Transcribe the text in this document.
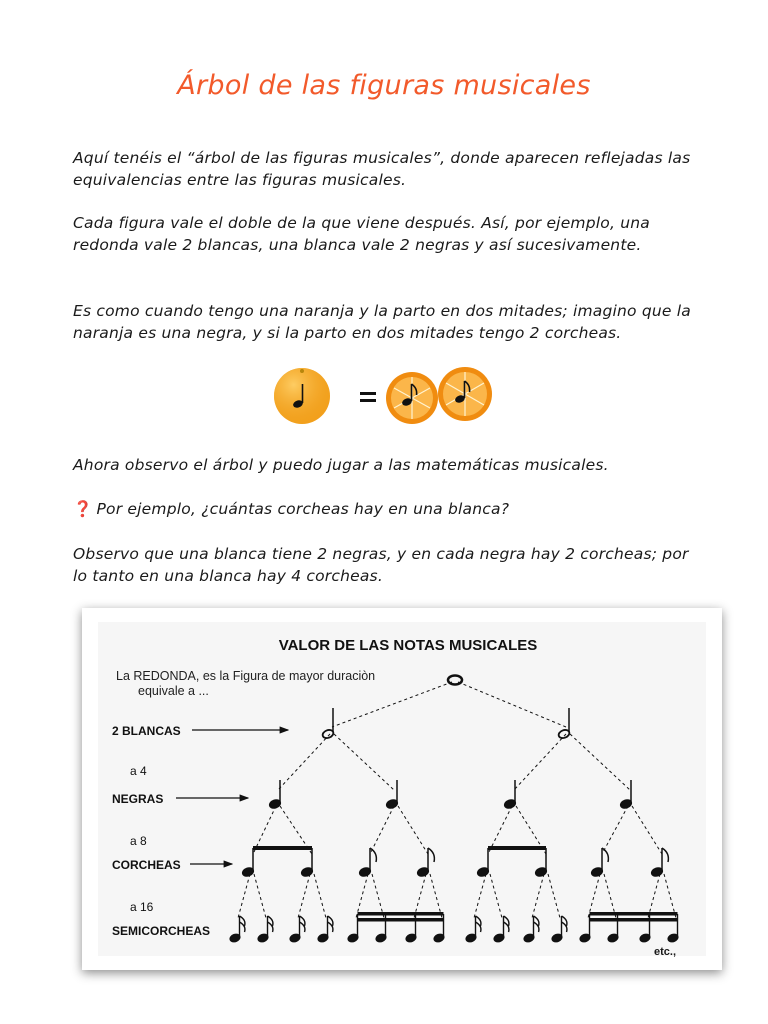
Árbol de las figuras musicales
Aquí tenéis el “árbol de las figuras musicales”, donde aparecen reflejadas las equivalencias entre las figuras musicales.
Cada figura vale el doble de la que viene después. Así, por ejemplo, una redonda vale 2 blancas, una blanca vale 2 negras y así sucesivamente.
Es como cuando tengo una naranja y la parto en dos mitades; imagino que la naranja es una negra, y si la parto en dos mitades tengo 2 corcheas.
Ahora observo el árbol y puedo jugar a las matemáticas musicales.
❓ Por ejemplo, ¿cuántas corcheas hay en una blanca?
Observo que una blanca tiene 2 negras, y en cada negra hay 2 corcheas; por lo tanto en una blanca hay 4 corcheas.
VALOR DE LAS NOTAS MUSICALES
La REDONDA, es la Figura de mayor duraciòn
equivale a ...
2 BLANCAS
a 4
NEGRAS
a 8
CORCHEAS
a 16
SEMICORCHEAS
etc.,
